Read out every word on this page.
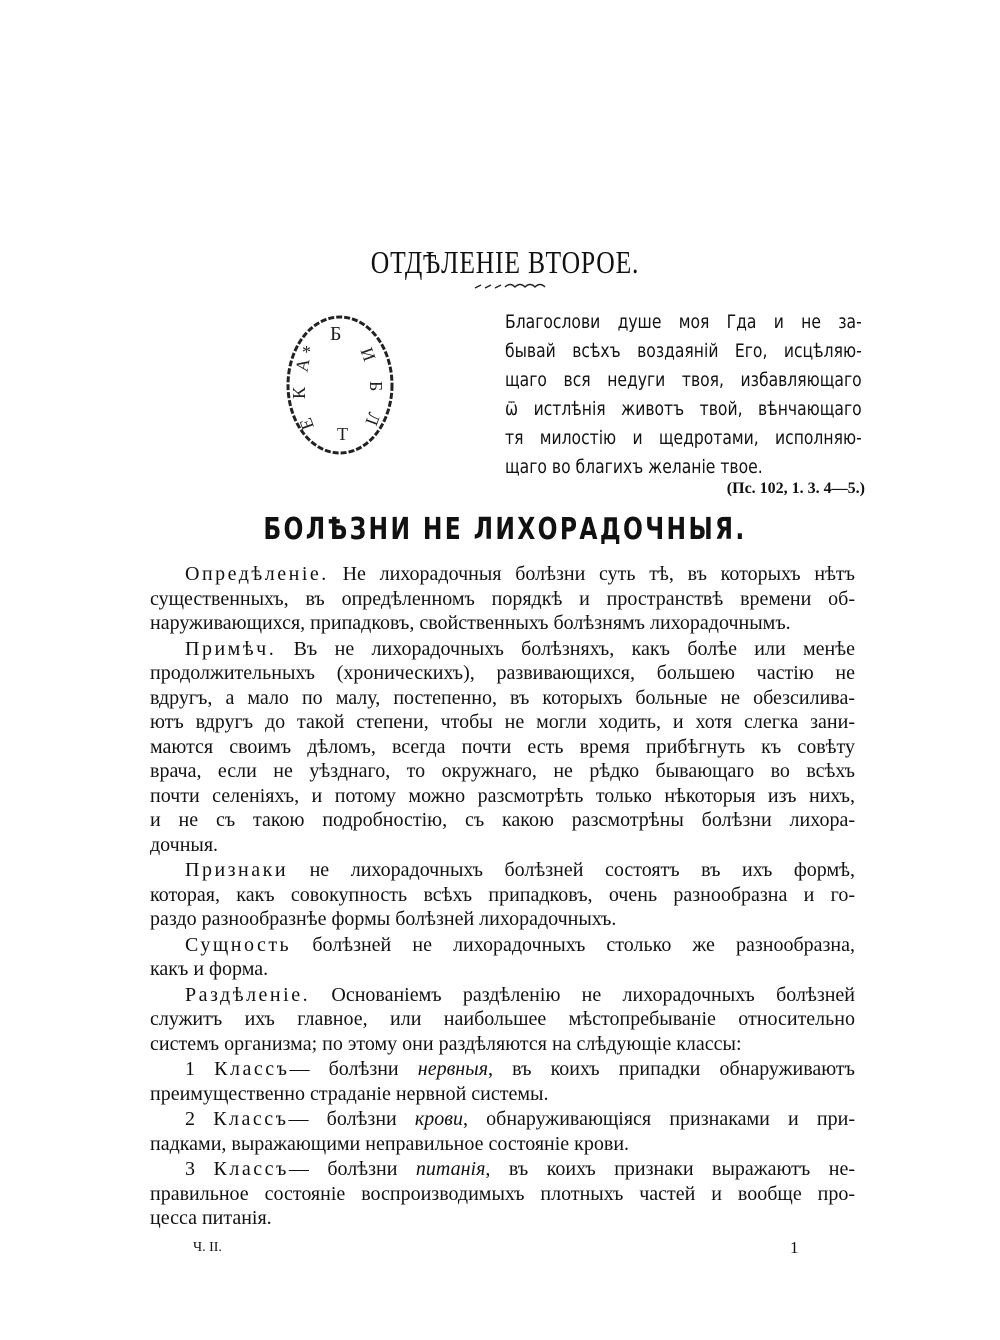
ОТДѢЛЕНІЕ ВТОРОЕ.
*
Б
И
Б
Л
Т
Е
К
А
Благослови душе моя Гда и не за-
бывай всѣхъ воздаяній Его, исцѣляю-
щаго вся недуги твоя, избавляющаго
ѿ истлѣнія животъ твой, вѣнчающаго
тя милостію и щедротами, исполняю-
щаго во благихъ желаніе твое.
(Пс. 102, 1. 3. 4—5.)
БОЛѢЗНИ НЕ ЛИХОРАДОЧНЫЯ.
Опредѣленіе. Не лихорадочныя болѣзни суть тѣ, въ которыхъ нѣтъ
существенныхъ, въ опредѣленномъ порядкѣ и пространствѣ времени об-
наруживающихся, припадковъ, свойственныхъ болѣзнямъ лихорадочнымъ.
Примѣч. Въ не лихорадочныхъ болѣзняхъ, какъ болѣе или менѣе
продолжительныхъ (хроническихъ), развивающихся, большею частію не
вдругъ, а мало по малу, постепенно, въ которыхъ больные не обезсилива-
ютъ вдругъ до такой степени, чтобы не могли ходить, и хотя слегка зани-
маются своимъ дѣломъ, всегда почти есть время прибѣгнуть къ совѣту
врача, если не уѣзднаго, то окружнаго, не рѣдко бывающаго во всѣхъ
почти селеніяхъ, и потому можно разсмотрѣть только нѣкоторыя изъ нихъ,
и не съ такою подробностію, съ какою разсмотрѣны болѣзни лихора-
дочныя.
Признаки не лихорадочныхъ болѣзней состоятъ въ ихъ формѣ,
которая, какъ совокупность всѣхъ припадковъ, очень разнообразна и го-
раздо разнообразнѣе формы болѣзней лихорадочныхъ.
Сущность болѣзней не лихорадочныхъ столько же разнообразна,
какъ и форма.
Раздѣленіе. Основаніемъ раздѣленію не лихорадочныхъ болѣзней
служитъ ихъ главное, или наибольшее мѣстопребываніе относительно
системъ организма; по этому они раздѣляются на слѣдующіе классы:
1 Классъ— болѣзни нервныя, въ коихъ припадки обнаруживаютъ
преимущественно страданіе нервной системы.
2 Классъ— болѣзни крови, обнаруживающіяся признаками и при-
падками, выражающими неправильное состояніе крови.
3 Классъ— болѣзни питанія, въ коихъ признаки выражаютъ не-
правильное состояніе воспроизводимыхъ плотныхъ частей и вообще про-
цесса питанія.
Ч. II.	1
